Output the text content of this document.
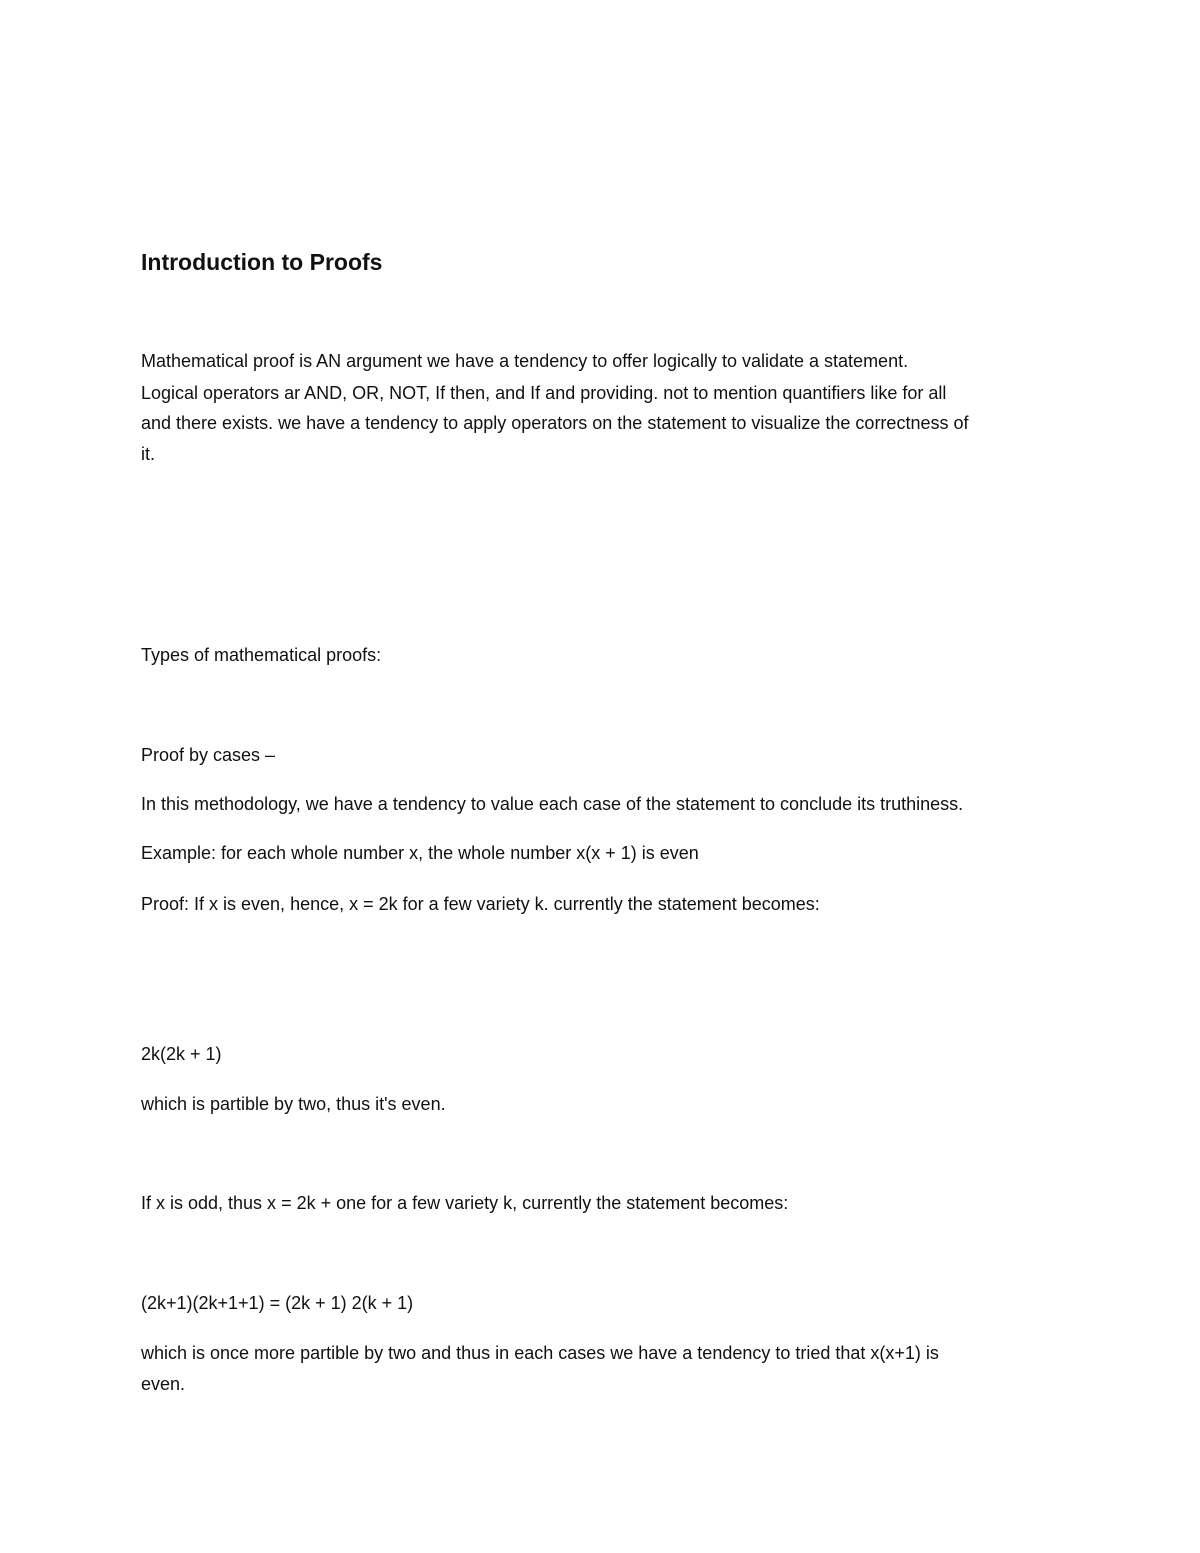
Introduction to Proofs
Mathematical proof is AN argument we have a tendency to offer logically to validate a statement.
Logical operators ar AND, OR, NOT, If then, and If and providing. not to mention quantifiers like for all
and there exists. we have a tendency to apply operators on the statement to visualize the correctness of
it.
Types of mathematical proofs:
Proof by cases –
In this methodology, we have a tendency to value each case of the statement to conclude its truthiness.
Example: for each whole number x, the whole number x(x + 1) is even
Proof: If x is even, hence, x = 2k for a few variety k. currently the statement becomes:
2k(2k + 1)
which is partible by two, thus it's even.
If x is odd, thus x = 2k + one for a few variety k, currently the statement becomes:
(2k+1)(2k+1+1) = (2k + 1) 2(k + 1)
which is once more partible by two and thus in each cases we have a tendency to tried that x(x+1) is
even.
